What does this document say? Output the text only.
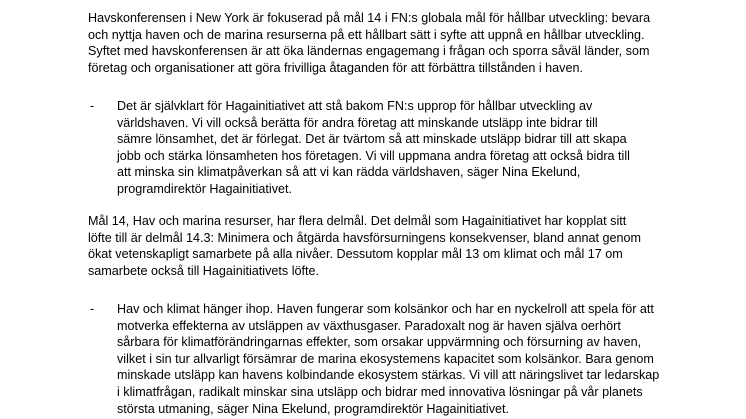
Havskonferensen i New York är fokuserad på mål 14 i FN:s globala mål för hållbar utveckling: bevara
och nyttja haven och de marina resurserna på ett hållbart sätt i syfte att uppnå en hållbar utveckling.
Syftet med havskonferensen är att öka ländernas engagemang i frågan och sporra såväl länder, som
företag och organisationer att göra frivilliga åtaganden för att förbättra tillstånden i haven.
- Det är självklart för Hagainitiativet att stå bakom FN:s upprop för hållbar utveckling av
världshaven. Vi vill också berätta för andra företag att minskande utsläpp inte bidrar till
sämre lönsamhet, det är förlegat. Det är tvärtom så att minskade utsläpp bidrar till att skapa
jobb och stärka lönsamheten hos företagen. Vi vill uppmana andra företag att också bidra till
att minska sin klimatpåverkan så att vi kan rädda världshaven, säger Nina Ekelund,
programdirektör Hagainitiativet.
Mål 14, Hav och marina resurser, har flera delmål. Det delmål som Hagainitiativet har kopplat sitt
löfte till är delmål 14.3: Minimera och åtgärda havsförsurningens konsekvenser, bland annat genom
ökat vetenskapligt samarbete på alla nivåer. Dessutom kopplar mål 13 om klimat och mål 17 om
samarbete också till Hagainitiativets löfte.
- Hav och klimat hänger ihop. Haven fungerar som kolsänkor och har en nyckelroll att spela för att
motverka effekterna av utsläppen av växthusgaser. Paradoxalt nog är haven själva oerhört
sårbara för klimatförändringarnas effekter, som orsakar uppvärmning och försurning av haven,
vilket i sin tur allvarligt försämrar de marina ekosystemens kapacitet som kolsänkor. Bara genom
minskade utsläpp kan havens kolbindande ekosystem stärkas. Vi vill att näringslivet tar ledarskap
i klimatfrågan, radikalt minskar sina utsläpp och bidrar med innovativa lösningar på vår planets
största utmaning, säger Nina Ekelund, programdirektör Hagainitiativet.
